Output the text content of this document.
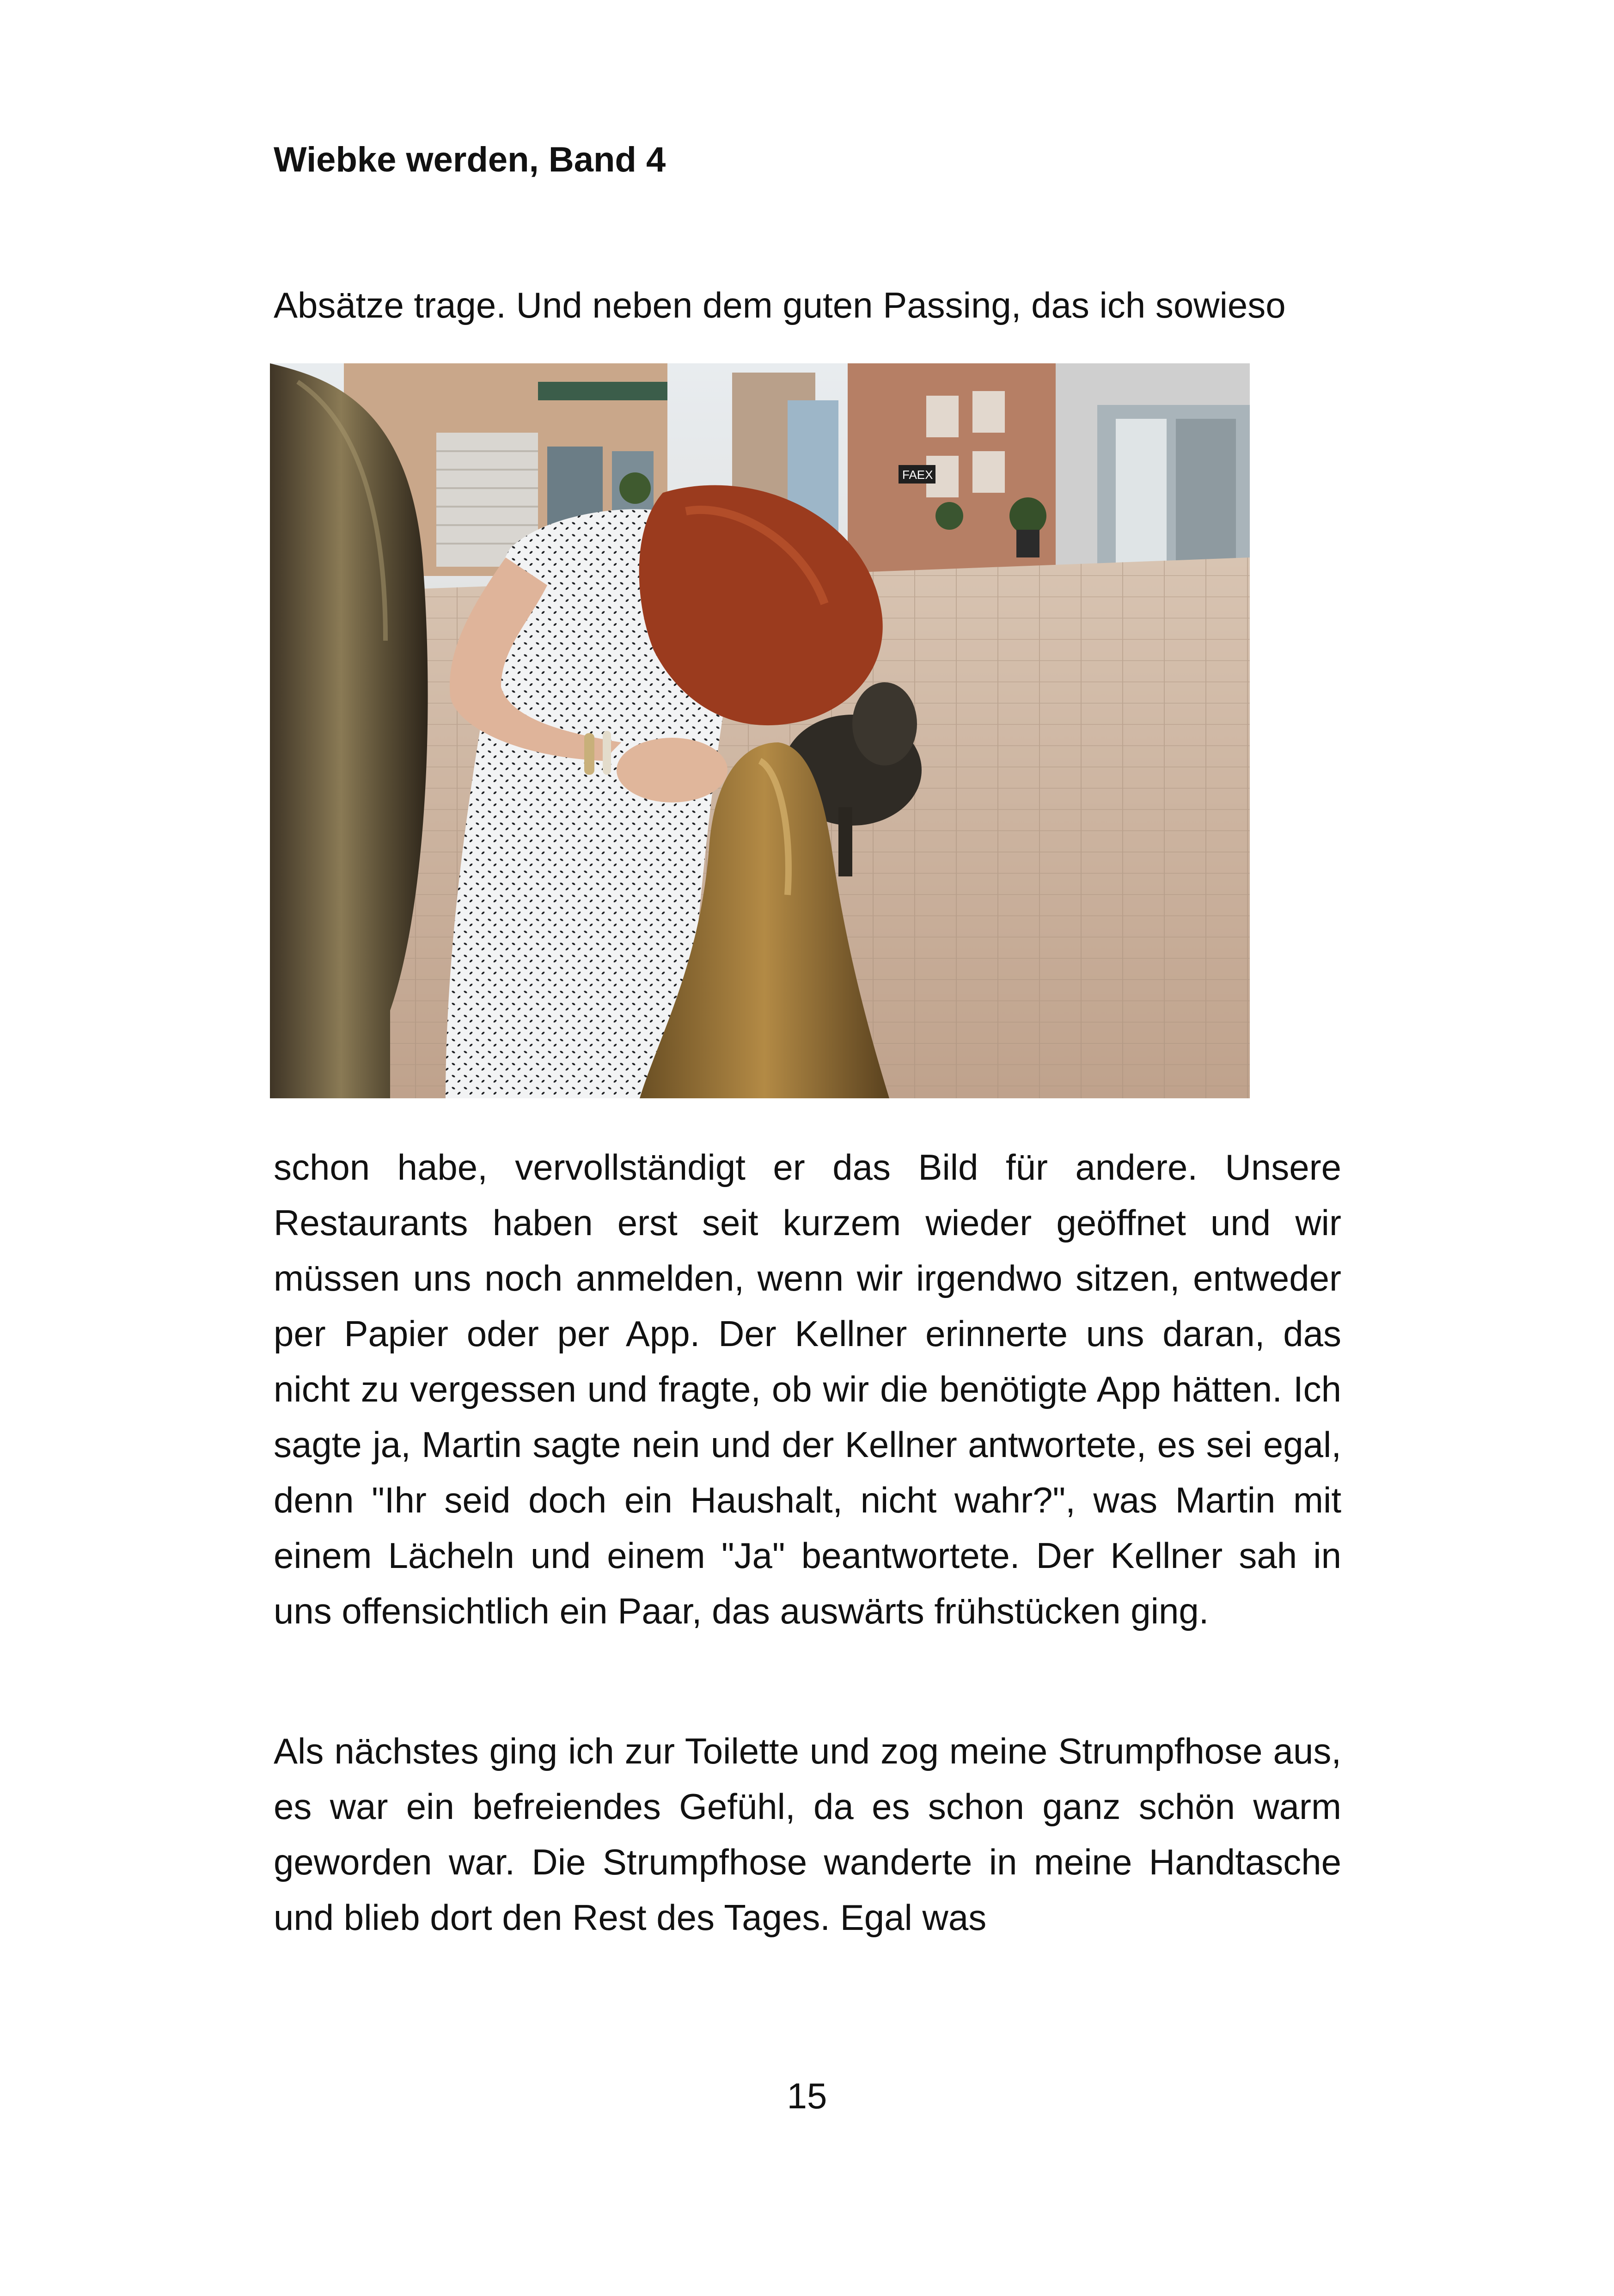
Wiebke werden, Band 4
Absätze trage. Und neben dem guten Passing, das ich sowieso
FAEX
schon habe, vervollständigt er das Bild für andere. Unsere Restaurants haben erst seit kurzem wieder geöffnet und wir müssen uns noch anmelden, wenn wir irgendwo sitzen, entweder per Papier oder per App. Der Kellner erinnerte uns daran, das nicht zu vergessen und fragte, ob wir die benötigte App hätten. Ich sagte ja, Martin sagte nein und der Kellner antwortete, es sei egal, denn "Ihr seid doch ein Haushalt, nicht wahr?", was Martin mit einem Lächeln und einem "Ja" beantwortete. Der Kellner sah in uns offensichtlich ein Paar, das auswärts frühstücken ging.
Als nächstes ging ich zur Toilette und zog meine Strumpfhose aus, es war ein befreiendes Gefühl, da es schon ganz schön warm geworden war. Die Strumpfhose wanderte in meine Handtasche und blieb dort den Rest des Tages. Egal was
15
